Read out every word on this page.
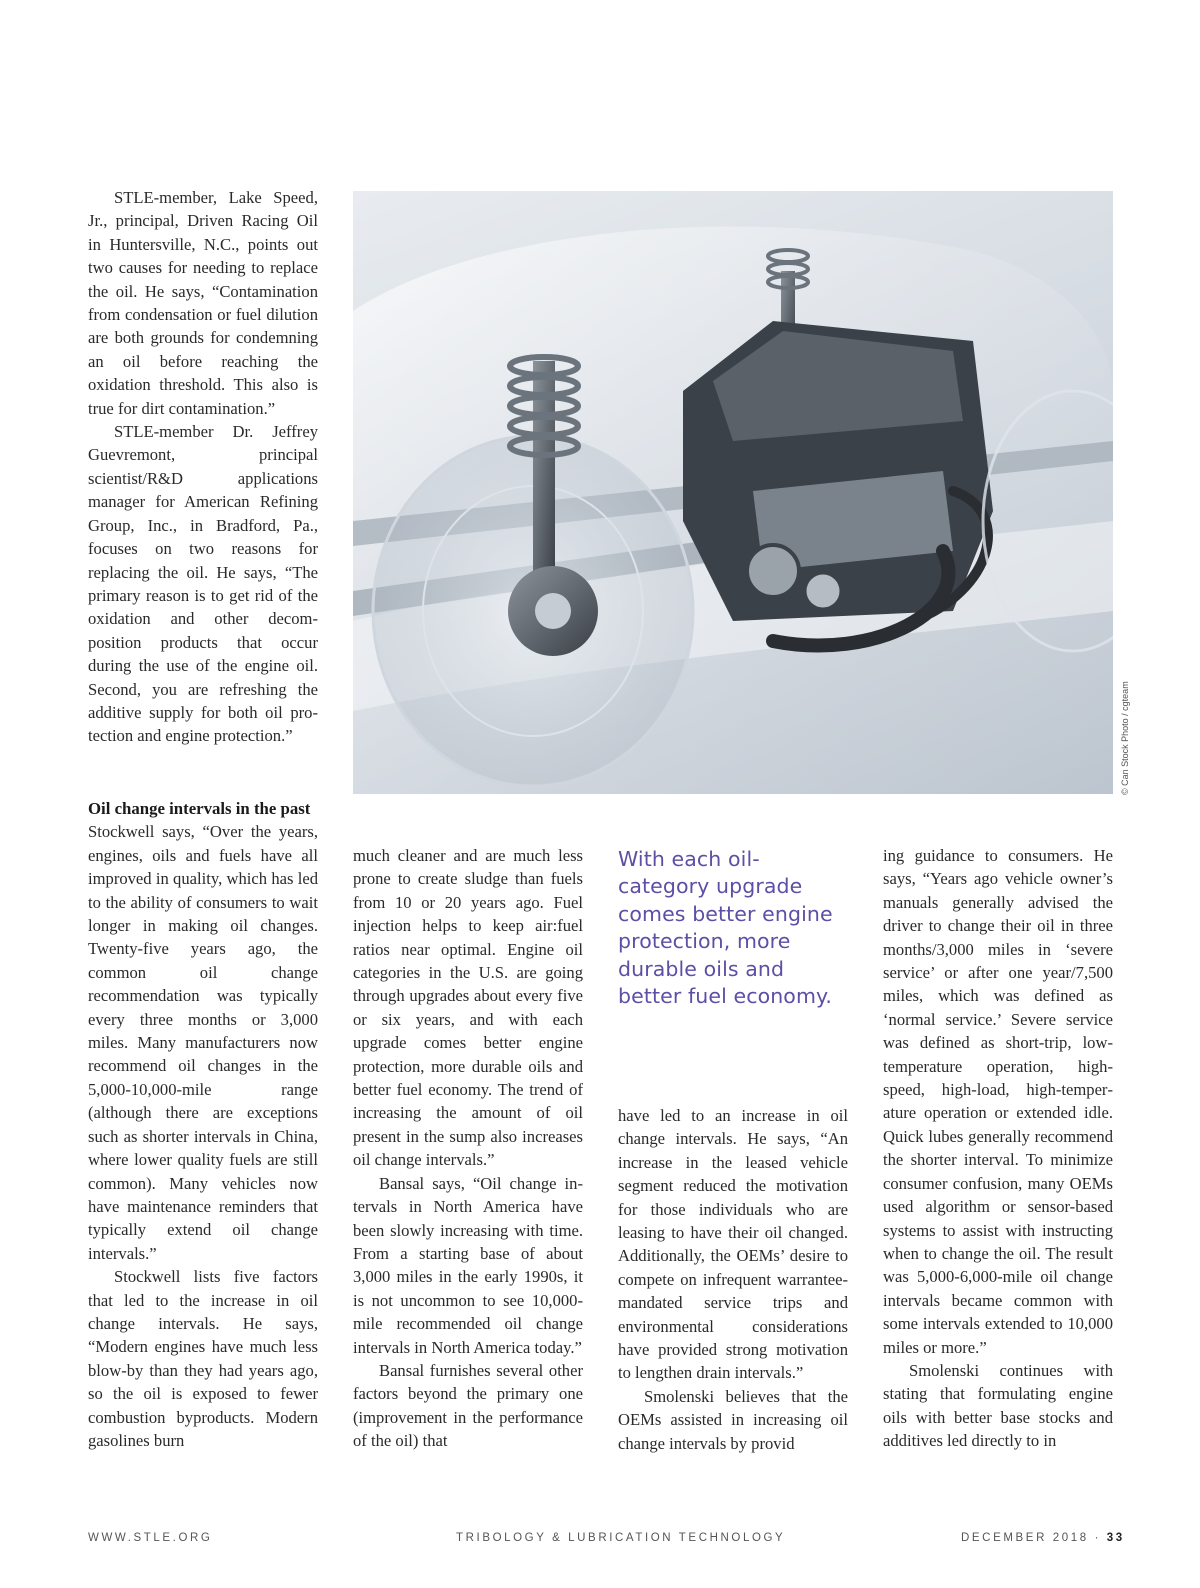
STLE-member, Lake Speed, Jr., principal, Driven Racing Oil in Huntersville, N.C., points out two causes for needing to replace the oil. He says, “Contamination from condensation or fuel dilution are both grounds for condemning an oil before reaching the oxidation threshold. This also is true for dirt contamination.”

STLE-member Dr. Jeffrey Guevremont, principal scientist/R&D applications manager for American Refining Group, Inc., in Bradford, Pa., focuses on two reasons for replacing the oil. He says, “The primary reason is to get rid of the oxidation and other decomposition products that occur during the use of the engine oil. Second, you are refreshing the additive supply for both oil protection and engine protection.”	© Can Stock Photo / cgteam

Oil change intervals in the past

Stockwell says, “Over the years, engines, oils and fuels have all improved in quality, which has led to the ability of consumers to wait longer in making oil changes. Twenty-five years ago, the common oil change recommendation was typically every three months or 3,000 miles. Many manufacturers now recommend oil changes in the 5,000-10,000-mile range (although there are exceptions such as shorter intervals in China, where lower quality fuels are still common). Many vehicles now have maintenance reminders that typically extend oil change intervals.”

Stockwell lists five factors that led to the increase in oil change intervals. He says, “Modern engines have much less blow-by than they had years ago, so the oil is exposed to fewer combustion byproducts. Modern gasolines burn

much cleaner and are much less prone to create sludge than fuels from 10 or 20 years ago. Fuel injection helps to keep air:fuel ratios near optimal. Engine oil categories in the U.S. are going through upgrades about every five or six years, and with each upgrade comes better engine protection, more durable oils and better fuel economy. The trend of increasing the amount of oil present in the sump also increases oil change intervals.”

Bansal says, “Oil change intervals in North America have been slowly increasing with time. From a starting base of about 3,000 miles in the early 1990s, it is not uncommon to see 10,000-mile recommended oil change intervals in North America today.”

Bansal furnishes several other factors beyond the primary one (improvement in the performance of the oil) that

With each oil-category upgrade comes better engine protection, more durable oils and better fuel economy.

have led to an increase in oil change intervals. He says, “An increase in the leased vehicle segment reduced the motivation for those individuals who are leasing to have their oil changed. Additionally, the OEMs’ desire to compete on infrequent warrantee-mandated service trips and environmental considerations have provided strong motivation to lengthen drain intervals.”

Smolenski believes that the OEMs assisted in increasing oil change intervals by provid

ing guidance to consumers. He says, “Years ago vehicle owner’s manuals generally advised the driver to change their oil in three months/3,000 miles in ‘severe service’ or after one year/7,500 miles, which was defined as ‘normal service.’ Severe service was defined as short-trip, low-temperature operation, high-speed, high-load, high-temperature operation or extended idle. Quick lubes generally recommend the shorter interval. To minimize consumer confusion, many OEMs used algorithm or sensor-based systems to assist with instructing when to change the oil. The result was 5,000-6,000-mile oil change intervals became common with some intervals extended to 10,000 miles or more.”

Smolenski continues with stating that formulating engine oils with better base stocks and additives led directly to in

WWW.STLE.ORG	TRIBOLOGY & LUBRICATION TECHNOLOGY	DECEMBER 2018 · 33
